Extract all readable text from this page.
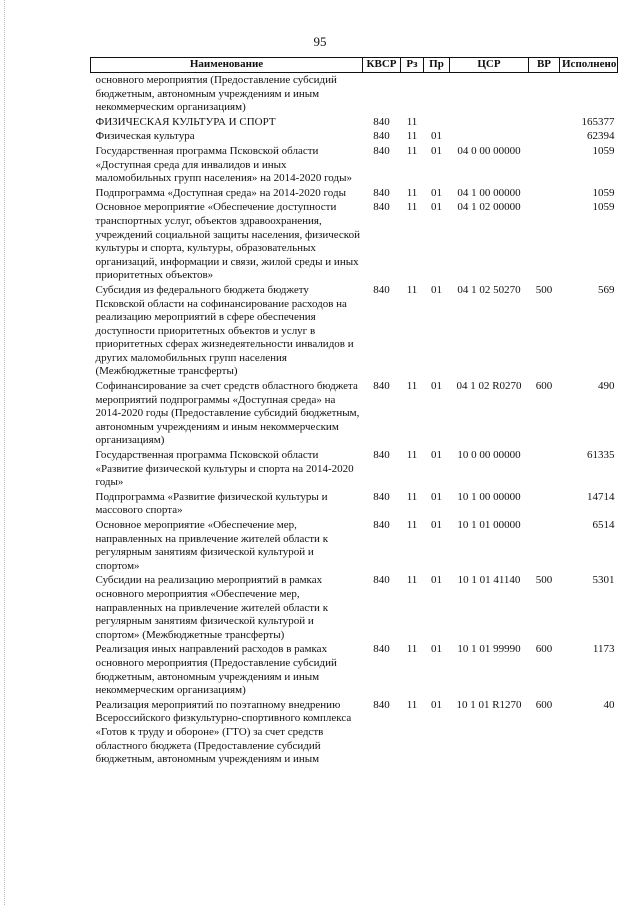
95
Наименование	КВСР	Рз	Пр	ЦСР	ВР	Исполнено
основного мероприятия (Предоставление субсидий бюджетным, автономным учреждениям и иным некоммерческим организациям)						
ФИЗИЧЕСКАЯ КУЛЬТУРА И СПОРТ	840	11				165377
Физическая культура	840	11	01			62394
Государственная программа Псковской области «Доступная среда для инвалидов и иных маломобильных групп населения» на 2014-2020 годы»	840	11	01	04 0 00 00000		1059
Подпрограмма «Доступная среда» на 2014-2020 годы	840	11	01	04 1 00 00000		1059
Основное мероприятие «Обеспечение доступности транспортных услуг, объектов здравоохранения, учреждений социальной защиты населения, физической культуры и спорта, культуры, образовательных организаций, информации и связи, жилой среды и иных приоритетных объектов»	840	11	01	04 1 02 00000		1059
Субсидия из федерального бюджета бюджету Псковской области на софинансирование расходов на реализацию мероприятий в сфере обеспечения доступности приоритетных объектов и услуг в приоритетных сферах жизнедеятельности инвалидов и других маломобильных групп населения (Межбюджетные трансферты)	840	11	01	04 1 02 50270	500	569
Софинансирование за счет средств областного бюджета мероприятий подпрограммы «Доступная среда» на 2014-2020 годы (Предоставление субсидий бюджетным, автономным учреждениям и иным некоммерческим организациям)	840	11	01	04 1 02 R0270	600	490
Государственная программа Псковской области «Развитие физической культуры и спорта на 2014-2020 годы»	840	11	01	10 0 00 00000		61335
Подпрограмма «Развитие физической культуры и массового спорта»	840	11	01	10 1 00 00000		14714
Основное мероприятие «Обеспечение мер, направленных на привлечение жителей области к регулярным занятиям физической культурой и спортом»	840	11	01	10 1 01 00000		6514
Субсидии на реализацию мероприятий в рамках основного мероприятия «Обеспечение мер, направленных на привлечение жителей области к регулярным занятиям физической культурой и спортом» (Межбюджетные трансферты)	840	11	01	10 1 01 41140	500	5301
Реализация иных направлений расходов в рамках основного мероприятия (Предоставление субсидий бюджетным, автономным учреждениям и иным некоммерческим организациям)	840	11	01	10 1 01 99990	600	1173
Реализация мероприятий по поэтапному внедрению Всероссийского физкультурно-спортивного комплекса «Готов к труду и обороне» (ГТО) за счет средств областного бюджета (Предоставление субсидий бюджетным, автономным учреждениям и иным	840	11	01	10 1 01 R1270	600	40
